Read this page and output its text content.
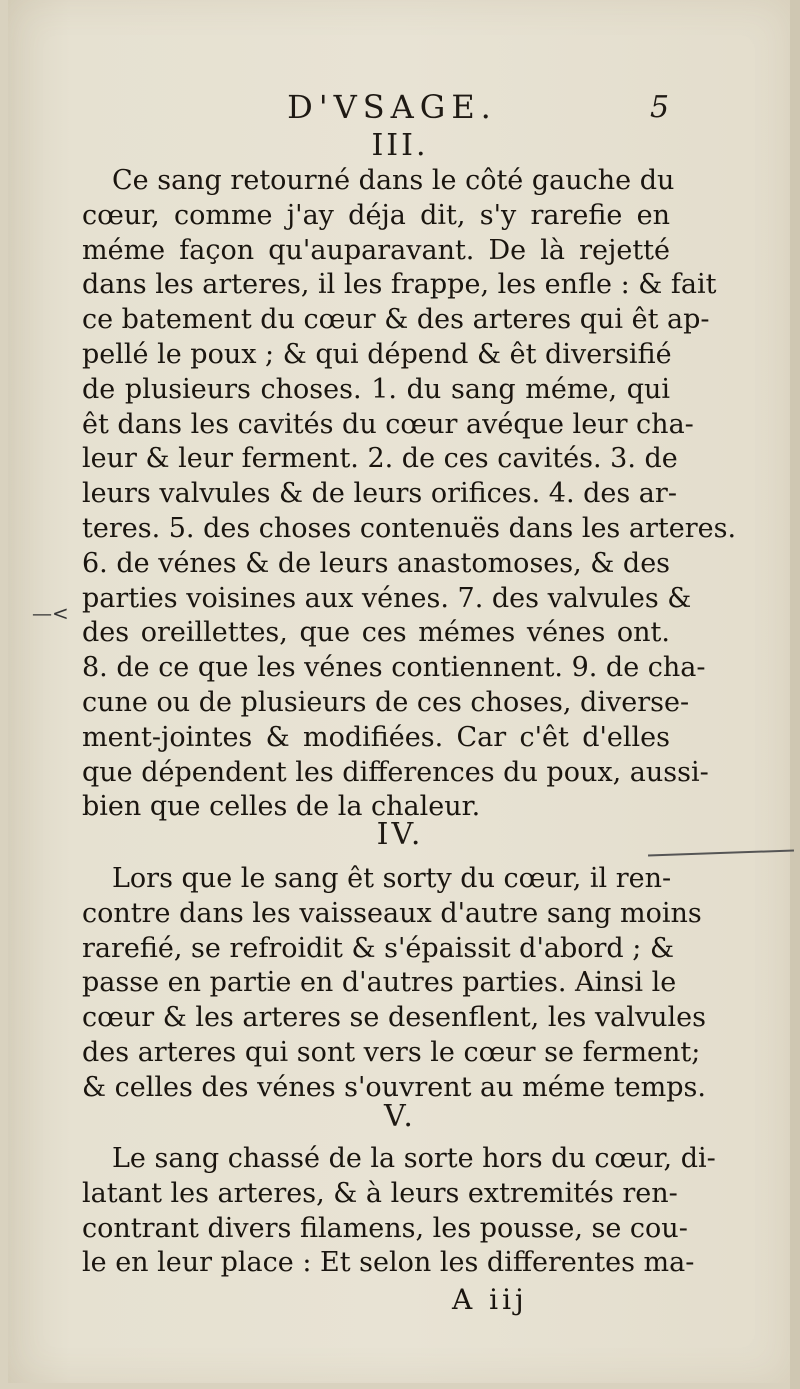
D'VSAGE.	5
—<
III.
Ce sang retourné dans le côté gauche du
cœur, comme j'ay déja dit, s'y rarefie en
méme façon qu'auparavant. De là rejetté
dans les arteres, il les frappe, les enfle : & fait
ce batement du cœur & des arteres qui êt ap-
pellé le poux ; & qui dépend & êt diversifié
de plusieurs choses. 1. du sang méme, qui
êt dans les cavités du cœur avéque leur cha-
leur & leur ferment. 2. de ces cavités. 3. de
leurs valvules & de leurs orifices. 4. des ar-
teres. 5. des choses contenuës dans les arteres.
6. de vénes & de leurs anastomoses, & des
parties voisines aux vénes. 7. des valvules &
des oreillettes, que ces mémes vénes ont.
8. de ce que les vénes contiennent. 9. de cha-
cune ou de plusieurs de ces choses, diverse-
ment-jointes & modifiées. Car c'êt d'elles
que dépendent les differences du poux, aussi-
bien que celles de la chaleur.
IV.
Lors que le sang êt sorty du cœur, il ren-
contre dans les vaisseaux d'autre sang moins
rarefié, se refroidit & s'épaissit d'abord ; &
passe en partie en d'autres parties. Ainsi le
cœur & les arteres se desenflent, les valvules
des arteres qui sont vers le cœur se ferment;
& celles des vénes s'ouvrent au méme temps.
V.
Le sang chassé de la sorte hors du cœur, di-
latant les arteres, & à leurs extremités ren-
contrant divers filamens, les pousse, se cou-
le en leur place : Et selon les differentes ma-
A iij
